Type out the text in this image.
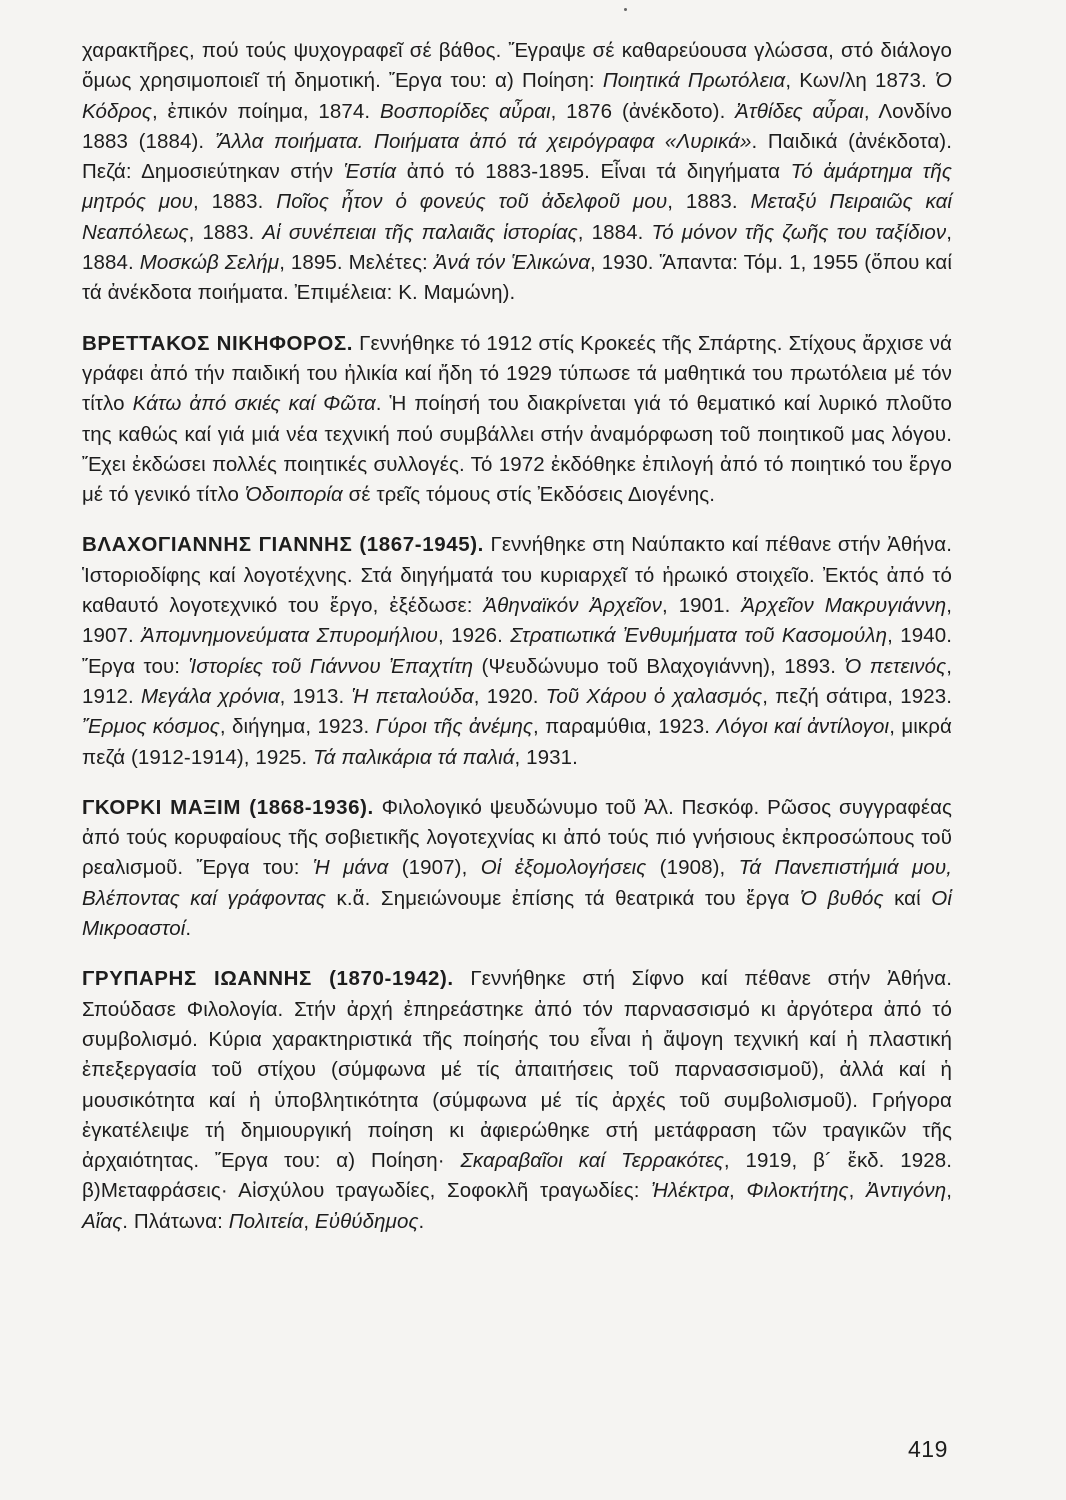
χαρακτῆρες, πού τούς ψυχογραφεῖ σέ βάθος. Ἔγραψε σέ καθαρεύουσα γλώσσα, στό διάλογο ὅμως χρησιμοποιεῖ τή δημοτική. Ἔργα του: α) Ποίηση: Ποιητικά Πρωτόλεια, Κων/λη 1873. Ὁ Κόδρος, ἐπικόν ποίημα, 1874. Βοσπορίδες αὖραι, 1876 (ἀνέκδοτο). Ἀτθίδες αὖραι, Λονδίνο 1883 (1884). Ἄλλα ποιήματα. Ποιήματα ἀπό τά χειρόγραφα «Λυρικά». Παιδικά (ἀνέκδοτα). Πεζά: Δημοσιεύτηκαν στήν Ἑστία ἀπό τό 1883-1895. Εἶναι τά διηγήματα Τό ἁμάρτημα τῆς μητρός μου, 1883. Ποῖος ἦτον ὁ φονεύς τοῦ ἀδελφοῦ μου, 1883. Μεταξύ Πειραιῶς καί Νεαπόλεως, 1883. Αἱ συνέπειαι τῆς παλαιᾶς ἱστορίας, 1884. Τό μόνον τῆς ζωῆς του ταξίδιον, 1884. Μοσκώβ Σελήμ, 1895. Μελέτες: Ἀνά τόν Ἑλικώνα, 1930. Ἅπαντα: Τόμ. 1, 1955 (ὅπου καί τά ἀνέκδοτα ποιήματα. Ἐπιμέλεια: Κ. Μαμώνη).

ΒΡΕΤΤΑΚΟΣ ΝΙΚΗΦΟΡΟΣ. Γεννήθηκε τό 1912 στίς Κροκεές τῆς Σπάρτης. Στίχους ἄρχισε νά γράφει ἀπό τήν παιδική του ἡλικία καί ἤδη τό 1929 τύπωσε τά μαθητικά του πρωτόλεια μέ τόν τίτλο Κάτω ἀπό σκιές καί Φῶτα. Ἡ ποίησή του διακρίνεται γιά τό θεματικό καί λυρικό πλοῦτο της καθώς καί γιά μιά νέα τεχνική πού συμβάλλει στήν ἀναμόρφωση τοῦ ποιητικοῦ μας λόγου. Ἔχει ἐκδώσει πολλές ποιητικές συλλογές. Τό 1972 ἐκδόθηκε ἐπιλογή ἀπό τό ποιητικό του ἔργο μέ τό γενικό τίτλο Ὁδοιπορία σέ τρεῖς τόμους στίς Ἐκδόσεις Διογένης.

ΒΛΑΧΟΓΙΑΝΝΗΣ ΓΙΑΝΝΗΣ (1867-1945). Γεννήθηκε στη Ναύπακτο καί πέθανε στήν Ἀθήνα. Ἱστοριοδίφης καί λογοτέχνης. Στά διηγήματά του κυριαρχεῖ τό ἡρωικό στοιχεῖο. Ἐκτός ἀπό τό καθαυτό λογοτεχνικό του ἔργο, ἐξέδωσε: Ἀθηναϊκόν Ἀρχεῖον, 1901. Ἀρχεῖον Μακρυγιάννη, 1907. Ἀπομνημονεύματα Σπυρομήλιου, 1926. Στρατιωτικά Ἐνθυμήματα τοῦ Κασομούλη, 1940. Ἔργα του: Ἱστορίες τοῦ Γιάννου Ἐπαχτίτη (Ψευδώνυμο τοῦ Βλαχογιάννη), 1893. Ὁ πετεινός, 1912. Μεγάλα χρόνια, 1913. Ἡ πεταλούδα, 1920. Τοῦ Χάρου ὁ χαλασμός, πεζή σάτιρα, 1923. Ἔρμος κόσμος, διήγημα, 1923. Γύροι τῆς ἀνέμης, παραμύθια, 1923. Λόγοι καί ἀντίλογοι, μικρά πεζά (1912-1914), 1925. Τά παλικάρια τά παλιά, 1931.

ΓΚΟΡΚΙ ΜΑΞΙΜ (1868-1936). Φιλολογικό ψευδώνυμο τοῦ Ἀλ. Πεσκόφ. Ρῶσος συγγραφέας ἀπό τούς κορυφαίους τῆς σοβιετικῆς λογοτεχνίας κι ἀπό τούς πιό γνήσιους ἐκπροσώπους τοῦ ρεαλισμοῦ. Ἔργα του: Ἡ μάνα (1907), Οἱ ἐξομολογήσεις (1908), Τά Πανεπιστήμιά μου, Βλέποντας καί γράφοντας κ.ἄ. Σημειώνουμε ἐπίσης τά θεατρικά του ἔργα Ὁ βυθός καί Οἱ Μικροαστοί.

ΓΡΥΠΑΡΗΣ ΙΩΑΝΝΗΣ (1870-1942). Γεννήθηκε στή Σίφνο καί πέθανε στήν Ἀθήνα. Σπούδασε Φιλολογία. Στήν ἀρχή ἐπηρεάστηκε ἀπό τόν παρνασσισμό κι ἀργότερα ἀπό τό συμβολισμό. Κύρια χαρακτηριστικά τῆς ποίησής του εἶναι ἡ ἄψογη τεχνική καί ἡ πλαστική ἐπεξεργασία τοῦ στίχου (σύμφωνα μέ τίς ἀπαιτήσεις τοῦ παρνασσισμοῦ), ἀλλά καί ἡ μουσικότητα καί ἡ ὑποβλητικότητα (σύμφωνα μέ τίς ἀρχές τοῦ συμβολισμοῦ). Γρήγορα ἐγκατέλειψε τή δημιουργική ποίηση κι ἀφιερώθηκε στή μετάφραση τῶν τραγικῶν τῆς ἀρχαιότητας. Ἔργα του: α) Ποίηση· Σκαραβαῖοι καί Τερρακότες, 1919, β´ ἔκδ. 1928. β)Μεταφράσεις· Αἰσχύλου τραγωδίες, Σοφοκλῆ τραγωδίες: Ἠλέκτρα, Φιλοκτήτης, Ἀντιγόνη, Αἴας. Πλάτωνα: Πολιτεία, Εὐθύδημος.

419
